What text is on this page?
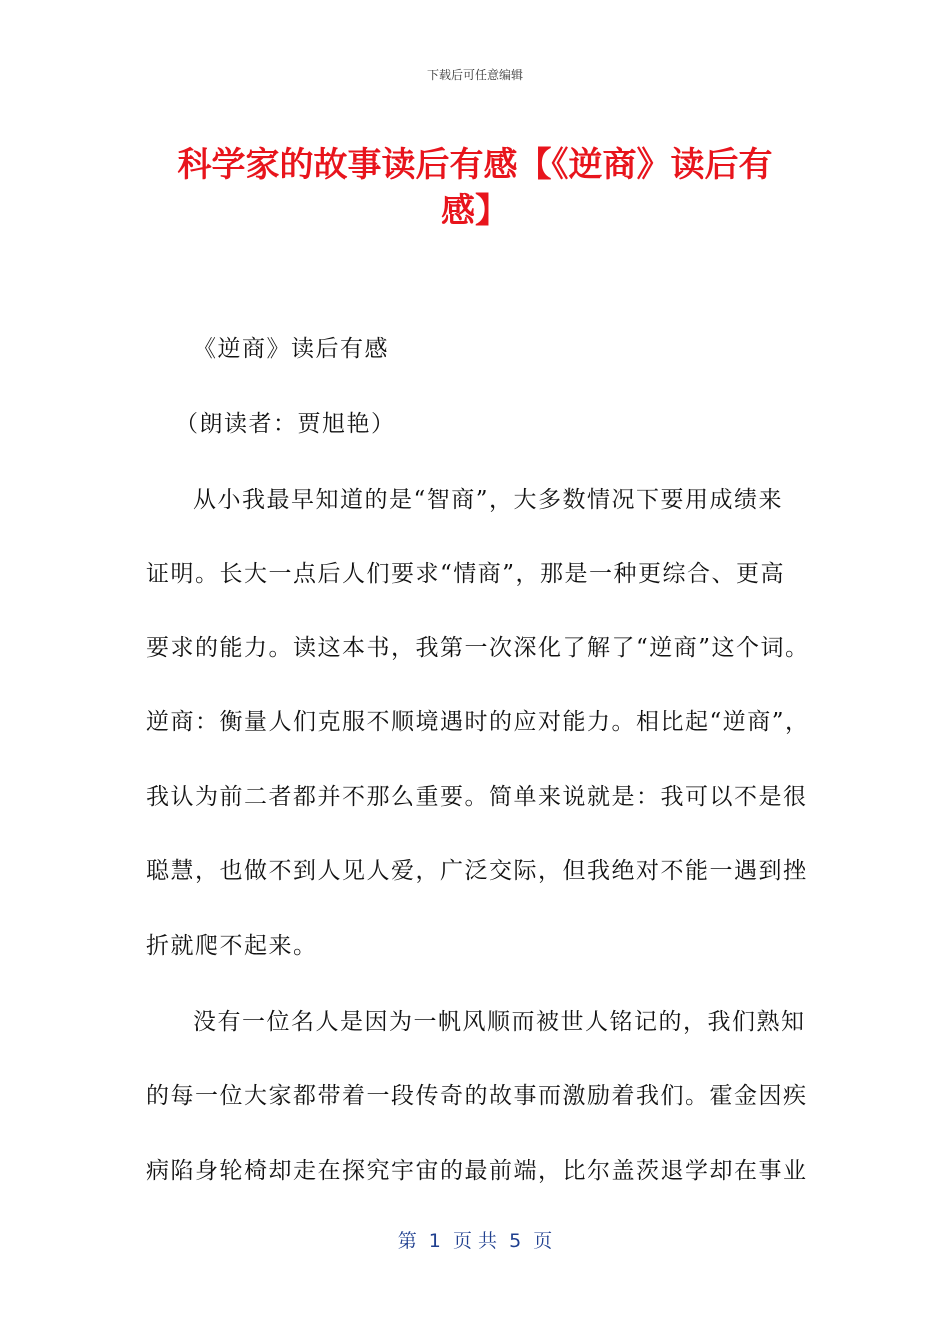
下载后可任意编辑
科学家的故事读后有感【《逆商》读后有
感】
《逆商》读后有感
（朗读者：贾旭艳）
从小我最早知道的是“智商”，大多数情况下要用成绩来
证明。长大一点后人们要求“情商”，那是一种更综合、更高
要求的能力。读这本书，我第一次深化了解了“逆商”这个词。
逆商：衡量人们克服不顺境遇时的应对能力。相比起“逆商”，
我认为前二者都并不那么重要。简单来说就是：我可以不是很
聪慧，也做不到人见人爱，广泛交际，但我绝对不能一遇到挫
折就爬不起来。
没有一位名人是因为一帆风顺而被世人铭记的，我们熟知
的每一位大家都带着一段传奇的故事而激励着我们。霍金因疾
病陷身轮椅却走在探究宇宙的最前端，比尔盖茨退学却在事业
第  1  页 共  5  页
